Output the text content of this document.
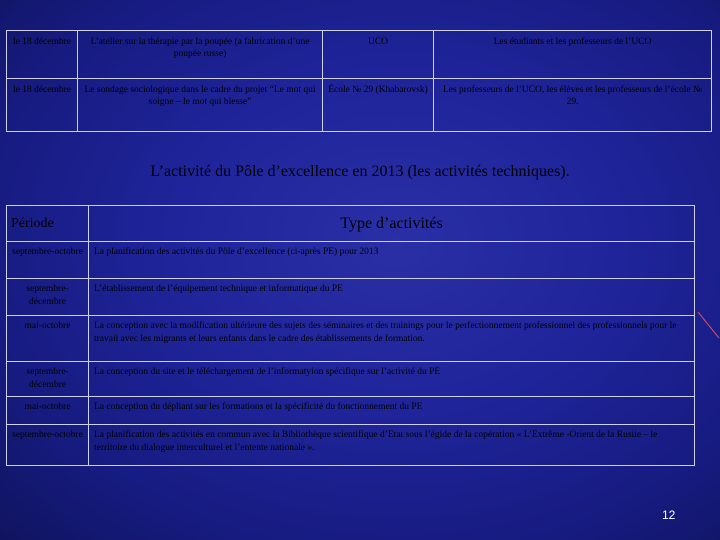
le 18 décembre	L’atelier sur la thérapie par la poupée (a fabrication d’une poupée russe)	UCO	Les étudiants et les professeurs de l’UCO
le 18 décembre	Le sondage sociologique dans le cadre du projet “Le mot qui soigne – le mot qui blesse”	École № 29 (Khabarovsk)	Les professeurs de l’UCO, les élèves et les professeurs de l’école № 29.
L’activité du Pôle d’excellence en 2013 (les activités techniques).
Période	Type d’activités
septembre-octobre	La planification des activités du Pôle d’excellence (ci-après PE) pour 2013
septembre-décembre	L’établissement de l’équipement technique et informatique du PE
mai-octobre	La conception avec la modification ultérieure des sujets des séminaires et des trainings pour le perfectionnement professionnel des professionnels pour le travail avec les migrants et leurs enfants dans le cadre des établissements de formation.
septembre-décembre	La conception du site et le téléchargement de l’informatyion spécifique sur l’activité du PE
mai-octobre	La conception du dépliant sur les formations et la spécificité du fonctionnement du PE
septembre-octobre	La planification des activités en commun avec la Bibliothèque scientifique d’Etat sous l’égide de la copération « L’Extrême -Orient de la Rusiie – le territoire du dialogue interculturel et l’entente nationale ».
12
